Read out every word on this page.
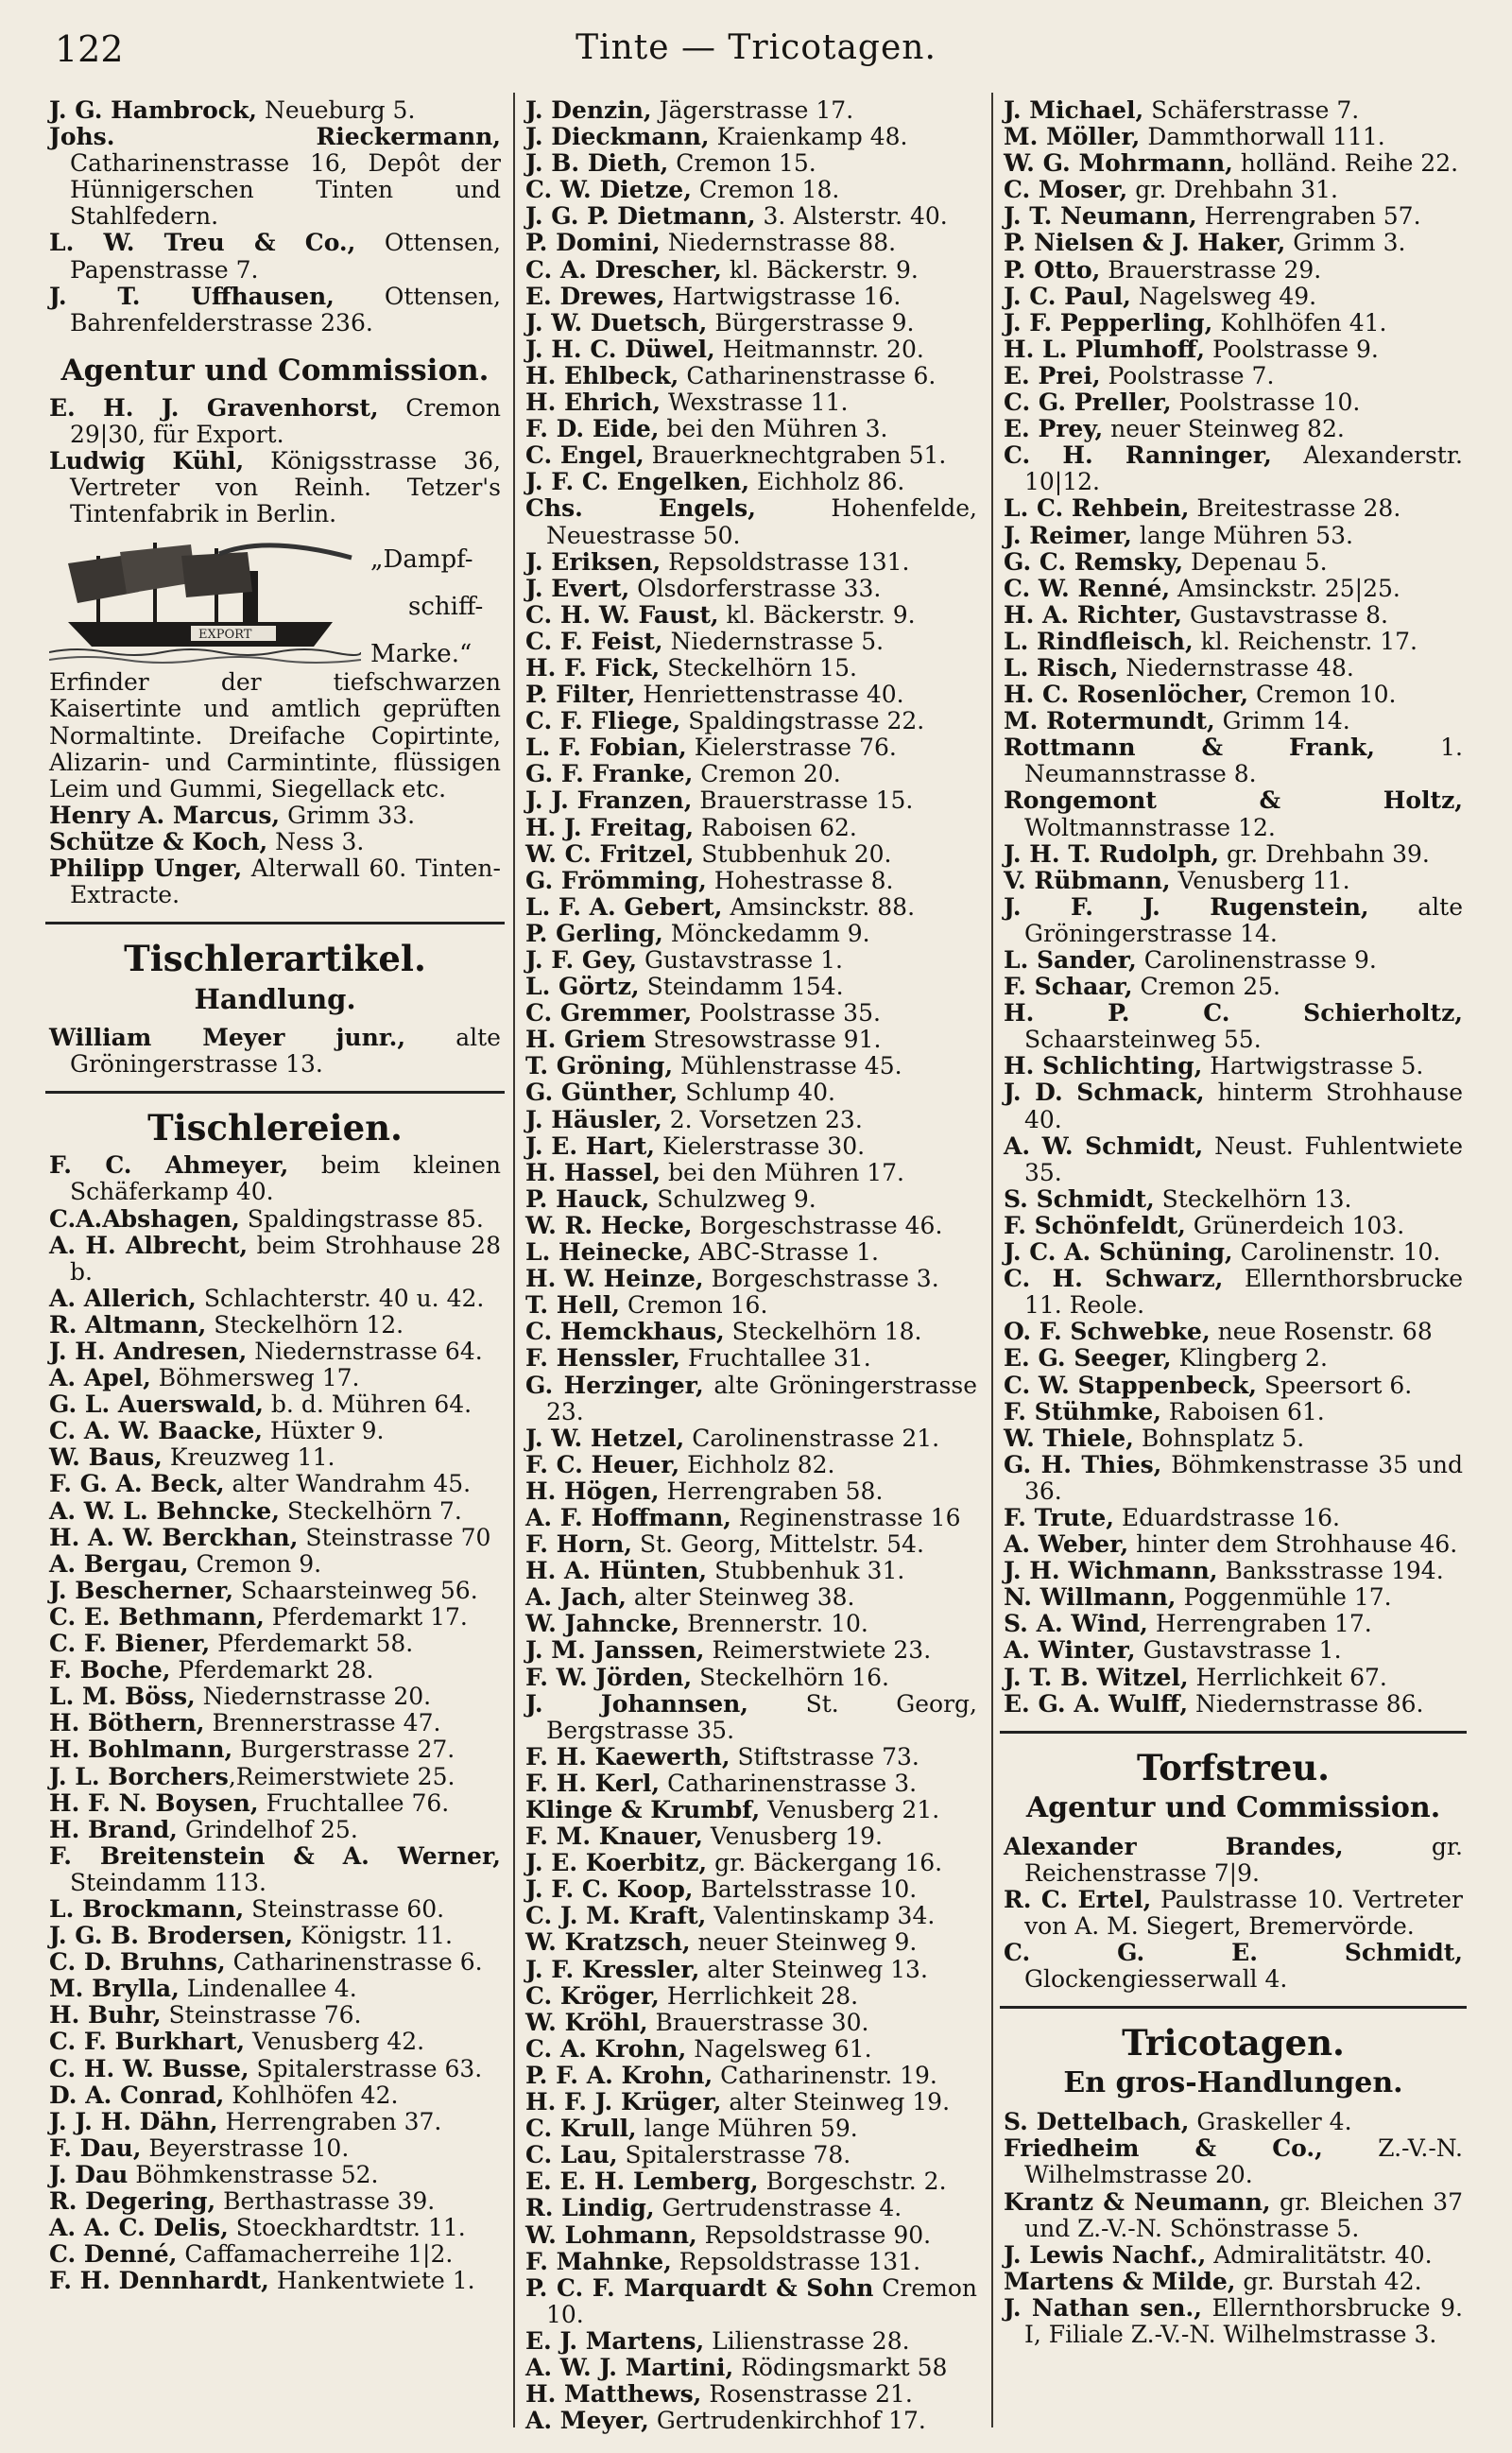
122	Tinte — Tricotagen.
J. G. Hambrock, Neueburg 5.
Johs. Rieckermann, Catharinenstrasse 16, Depôt der Hünnigerschen Tinten und Stahlfedern.
L. W. Treu & Co., Ottensen, Papenstrasse 7.
J. T. Uffhausen, Ottensen, Bahrenfelderstrasse 236.
Agentur und Commission.
E. H. J. Gravenhorst, Cremon 29|30, für Export.
Ludwig Kühl, Königsstrasse 36, Vertreter von Reinh. Tetzer's Tintenfabrik in Berlin.
EXPORT
„Dampf-
schiff-
Marke.“
Erfinder der tiefschwarzen Kaisertinte und amtlich geprüften Normaltinte. Dreifache Copirtinte, Alizarin- und Carmintinte, flüssigen Leim und Gummi, Siegellack etc.
Henry A. Marcus, Grimm 33.
Schütze & Koch, Ness 3.
Philipp Unger, Alterwall 60. Tinten-Extracte.
Tischlerartikel.
Handlung.
William Meyer junr., alte Gröningerstrasse 13.
Tischlereien.
F. C. Ahmeyer, beim kleinen Schäferkamp 40.
C.A.Abshagen, Spaldingstrasse 85.
A. H. Albrecht, beim Strohhause 28 b.
A. Allerich, Schlachterstr. 40 u. 42.
R. Altmann, Steckelhörn 12.
J. H. Andresen, Niedernstrasse 64.
A. Apel, Böhmersweg 17.
G. L. Auerswald, b. d. Mühren 64.
C. A. W. Baacke, Hüxter 9.
W. Baus, Kreuzweg 11.
F. G. A. Beck, alter Wandrahm 45.
A. W. L. Behncke, Steckelhörn 7.
H. A. W. Berckhan, Steinstrasse 70
A. Bergau, Cremon 9.
J. Bescherner, Schaarsteinweg 56.
C. E. Bethmann, Pferdemarkt 17.
C. F. Biener, Pferdemarkt 58.
F. Boche, Pferdemarkt 28.
L. M. Böss, Niedernstrasse 20.
H. Böthern, Brennerstrasse 47.
H. Bohlmann, Burgerstrasse 27.
J. L. Borchers,Reimerstwiete 25.
H. F. N. Boysen, Fruchtallee 76.
H. Brand, Grindelhof 25.
F. Breitenstein & A. Werner, Steindamm 113.
L. Brockmann, Steinstrasse 60.
J. G. B. Brodersen, Königstr. 11.
C. D. Bruhns, Catharinenstrasse 6.
M. Brylla, Lindenallee 4.
H. Buhr, Steinstrasse 76.
C. F. Burkhart, Venusberg 42.
C. H. W. Busse, Spitalerstrasse 63.
D. A. Conrad, Kohlhöfen 42.
J. J. H. Dähn, Herrengraben 37.
F. Dau, Beyerstrasse 10.
J. Dau Böhmkenstrasse 52.
R. Degering, Berthastrasse 39.
A. A. C. Delis, Stoeckhardtstr. 11.
C. Denné, Caffamacherreihe 1|2.
F. H. Dennhardt, Hankentwiete 1.
J. Denzin, Jägerstrasse 17.
J. Dieckmann, Kraienkamp 48.
J. B. Dieth, Cremon 15.
C. W. Dietze, Cremon 18.
J. G. P. Dietmann, 3. Alsterstr. 40.
P. Domini, Niedernstrasse 88.
C. A. Drescher, kl. Bäckerstr. 9.
E. Drewes, Hartwigstrasse 16.
J. W. Duetsch, Bürgerstrasse 9.
J. H. C. Düwel, Heitmannstr. 20.
H. Ehlbeck, Catharinenstrasse 6.
H. Ehrich, Wexstrasse 11.
F. D. Eide, bei den Mühren 3.
C. Engel, Brauerknechtgraben 51.
J. F. C. Engelken, Eichholz 86.
Chs. Engels, Hohenfelde, Neuestrasse 50.
J. Eriksen, Repsoldstrasse 131.
J. Evert, Olsdorferstrasse 33.
C. H. W. Faust, kl. Bäckerstr. 9.
C. F. Feist, Niedernstrasse 5.
H. F. Fick, Steckelhörn 15.
P. Filter, Henriettenstrasse 40.
C. F. Fliege, Spaldingstrasse 22.
L. F. Fobian, Kielerstrasse 76.
G. F. Franke, Cremon 20.
J. J. Franzen, Brauerstrasse 15.
H. J. Freitag, Raboisen 62.
W. C. Fritzel, Stubbenhuk 20.
G. Frömming, Hohestrasse 8.
L. F. A. Gebert, Amsinckstr. 88.
P. Gerling, Mönckedamm 9.
J. F. Gey, Gustavstrasse 1.
L. Görtz, Steindamm 154.
C. Gremmer, Poolstrasse 35.
H. Griem Stresowstrasse 91.
T. Gröning, Mühlenstrasse 45.
G. Günther, Schlump 40.
J. Häusler, 2. Vorsetzen 23.
J. E. Hart, Kielerstrasse 30.
H. Hassel, bei den Mühren 17.
P. Hauck, Schulzweg 9.
W. R. Hecke, Borgeschstrasse 46.
L. Heinecke, ABC-Strasse 1.
H. W. Heinze, Borgeschstrasse 3.
T. Hell, Cremon 16.
C. Hemckhaus, Steckelhörn 18.
F. Henssler, Fruchtallee 31.
G. Herzinger, alte Gröningerstrasse 23.
J. W. Hetzel, Carolinenstrasse 21.
F. C. Heuer, Eichholz 82.
H. Högen, Herrengraben 58.
A. F. Hoffmann, Reginenstrasse 16
F. Horn, St. Georg, Mittelstr. 54.
H. A. Hünten, Stubbenhuk 31.
A. Jach, alter Steinweg 38.
W. Jahncke, Brennerstr. 10.
J. M. Janssen, Reimerstwiete 23.
F. W. Jörden, Steckelhörn 16.
J. Johannsen, St. Georg, Bergstrasse 35.
F. H. Kaewerth, Stiftstrasse 73.
F. H. Kerl, Catharinenstrasse 3.
Klinge & Krumbf, Venusberg 21.
F. M. Knauer, Venusberg 19.
J. E. Koerbitz, gr. Bäckergang 16.
J. F. C. Koop, Bartelsstrasse 10.
C. J. M. Kraft, Valentinskamp 34.
W. Kratzsch, neuer Steinweg 9.
J. F. Kressler, alter Steinweg 13.
C. Kröger, Herrlichkeit 28.
W. Kröhl, Brauerstrasse 30.
C. A. Krohn, Nagelsweg 61.
P. F. A. Krohn, Catharinenstr. 19.
H. F. J. Krüger, alter Steinweg 19.
C. Krull, lange Mühren 59.
C. Lau, Spitalerstrasse 78.
E. E. H. Lemberg, Borgeschstr. 2.
R. Lindig, Gertrudenstrasse 4.
W. Lohmann, Repsoldstrasse 90.
F. Mahnke, Repsoldstrasse 131.
P. C. F. Marquardt & Sohn Cremon 10.
E. J. Martens, Lilienstrasse 28.
A. W. J. Martini, Rödingsmarkt 58
H. Matthews, Rosenstrasse 21.
A. Meyer, Gertrudenkirchhof 17.
J. Michael, Schäferstrasse 7.
M. Möller, Dammthorwall 111.
W. G. Mohrmann, holländ. Reihe 22.
C. Moser, gr. Drehbahn 31.
J. T. Neumann, Herrengraben 57.
P. Nielsen & J. Haker, Grimm 3.
P. Otto, Brauerstrasse 29.
J. C. Paul, Nagelsweg 49.
J. F. Pepperling, Kohlhöfen 41.
H. L. Plumhoff, Poolstrasse 9.
E. Prei, Poolstrasse 7.
C. G. Preller, Poolstrasse 10.
E. Prey, neuer Steinweg 82.
C. H. Ranninger, Alexanderstr. 10|12.
L. C. Rehbein, Breitestrasse 28.
J. Reimer, lange Mühren 53.
G. C. Remsky, Depenau 5.
C. W. Renné, Amsinckstr. 25|25.
H. A. Richter, Gustavstrasse 8.
L. Rindfleisch, kl. Reichenstr. 17.
L. Risch, Niedernstrasse 48.
H. C. Rosenlöcher, Cremon 10.
M. Rotermundt, Grimm 14.
Rottmann & Frank, 1. Neumannstrasse 8.
Rongemont & Holtz, Woltmannstrasse 12.
J. H. T. Rudolph, gr. Drehbahn 39.
V. Rübmann, Venusberg 11.
J. F. J. Rugenstein, alte Gröningerstrasse 14.
L. Sander, Carolinenstrasse 9.
F. Schaar, Cremon 25.
H. P. C. Schierholtz, Schaarsteinweg 55.
H. Schlichting, Hartwigstrasse 5.
J. D. Schmack, hinterm Strohhause 40.
A. W. Schmidt, Neust. Fuhlentwiete 35.
S. Schmidt, Steckelhörn 13.
F. Schönfeldt, Grünerdeich 103.
J. C. A. Schüning, Carolinenstr. 10.
C. H. Schwarz, Ellernthorsbrucke 11. Reole.
O. F. Schwebke, neue Rosenstr. 68
E. G. Seeger, Klingberg 2.
C. W. Stappenbeck, Speersort 6.
F. Stühmke, Raboisen 61.
W. Thiele, Bohnsplatz 5.
G. H. Thies, Böhmkenstrasse 35 und 36.
F. Trute, Eduardstrasse 16.
A. Weber, hinter dem Strohhause 46.
J. H. Wichmann, Banksstrasse 194.
N. Willmann, Poggenmühle 17.
S. A. Wind, Herrengraben 17.
A. Winter, Gustavstrasse 1.
J. T. B. Witzel, Herrlichkeit 67.
E. G. A. Wulff, Niedernstrasse 86.
Torfstreu.
Agentur und Commission.
Alexander Brandes, gr. Reichenstrasse 7|9.
R. C. Ertel, Paulstrasse 10. Vertreter von A. M. Siegert, Bremervörde.
C. G. E. Schmidt, Glockengiesserwall 4.
Tricotagen.
En gros-Handlungen.
S. Dettelbach, Graskeller 4.
Friedheim & Co., Z.-V.-N. Wilhelmstrasse 20.
Krantz & Neumann, gr. Bleichen 37 und Z.-V.-N. Schönstrasse 5.
J. Lewis Nachf., Admiralitätstr. 40.
Martens & Milde, gr. Burstah 42.
J. Nathan sen., Ellernthorsbrucke 9. I, Filiale Z.-V.-N. Wilhelmstrasse 3.
